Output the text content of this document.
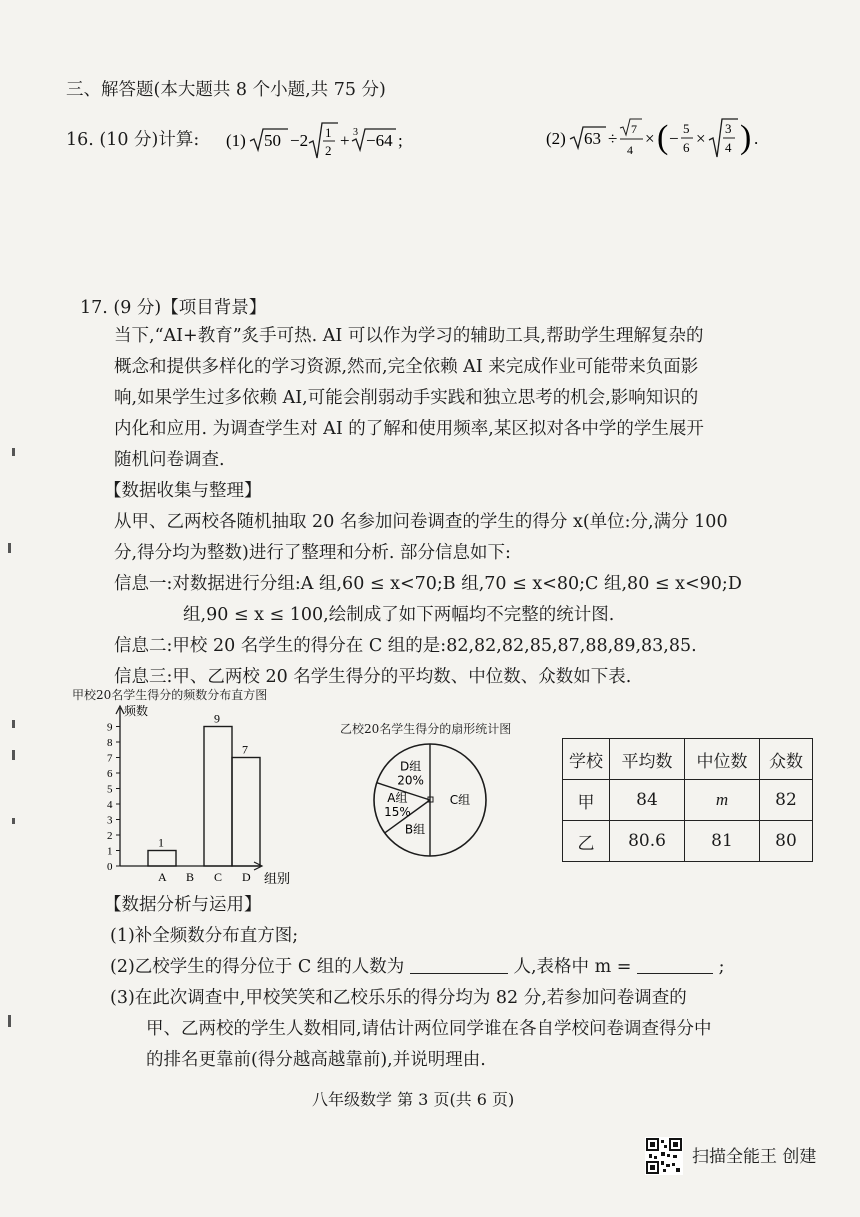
三、解答题(本大题共 8 个小题,共 75 分)
16. (10 分)计算: (1) 50 −2 1
2
+ 3 −64 ;	(2) 63 ÷ 7
4
× ( −
5
6 ×
3
4 ) .
17. (9 分)【项目背景】
当下,“AI+教育”炙手可热. AI 可以作为学习的辅助工具,帮助学生理解复杂的
概念和提供多样化的学习资源,然而,完全依赖 AI 来完成作业可能带来负面影
响,如果学生过多依赖 AI,可能会削弱动手实践和独立思考的机会,影响知识的
内化和应用. 为调查学生对 AI 的了解和使用频率,某区拟对各中学的学生展开
随机问卷调查.
【数据收集与整理】
从甲、乙两校各随机抽取 20 名参加问卷调查的学生的得分 x(单位:分,满分 100
分,得分均为整数)进行了整理和分析. 部分信息如下:
信息一:对数据进行分组:A 组,60 ≤ x<70;B 组,70 ≤ x<80;C 组,80 ≤ x<90;D
组,90 ≤ x ≤ 100,绘制成了如下两幅均不完整的统计图.
信息二:甲校 20 名学生的得分在 C 组的是:82,82,82,85,87,88,89,83,85.
信息三:甲、乙两校 20 名学生得分的平均数、中位数、众数如下表.
甲校20名学生得分的频数分布直方图
0
1
2
3
4
5
6
7
8
9
1
9
7
A B C D
频数
组别
乙校20名学生得分的扇形统计图
D组
20%
A组
15%
B组
C组
学校	平均数	中位数	众数
甲	84	m	82
乙	80.6	81	80
【数据分析与运用】
(1)补全频数分布直方图;
(2)乙校学生的得分位于 C 组的人数为	人,表格中 m =	;
(3)在此次调查中,甲校笑笑和乙校乐乐的得分均为 82 分,若参加问卷调查的
甲、乙两校的学生人数相同,请估计两位同学谁在各自学校问卷调查得分中
的排名更靠前(得分越高越靠前),并说明理由.
八年级数学 第 3 页(共 6 页)
扫描全能王 创建
